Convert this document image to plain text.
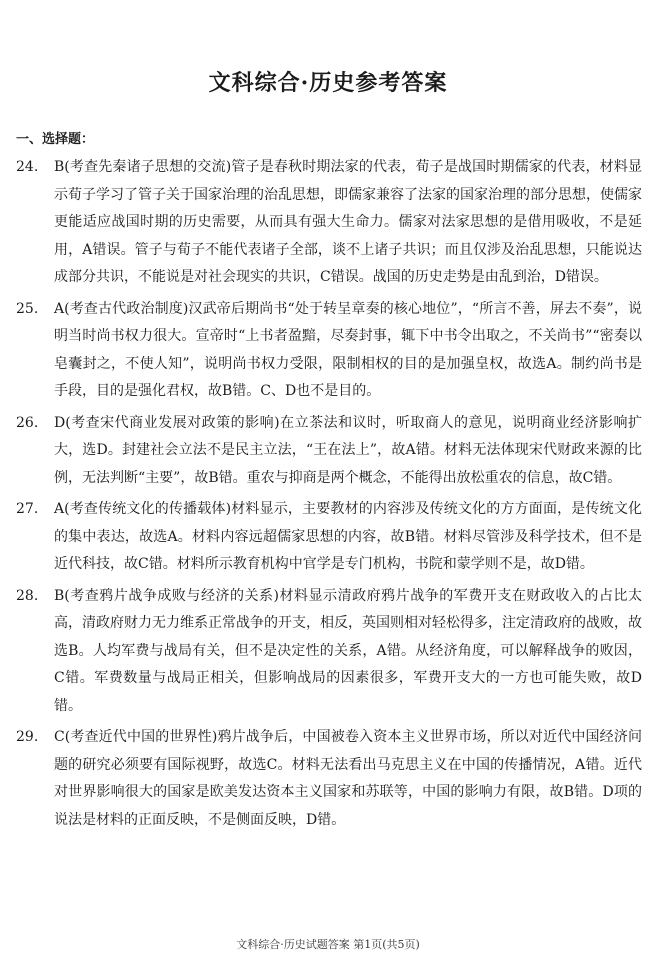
文科综合·历史参考答案
一、选择题：
24.	B(考查先秦诸子思想的交流)管子是春秋时期法家的代表，荀子是战国时期儒家的代表，材料显示荀子学习了管子关于国家治理的治乱思想，即儒家兼容了法家的国家治理的部分思想，使儒家更能适应战国时期的历史需要，从而具有强大生命力。儒家对法家思想的是借用吸收，不是延用，A错误。管子与荀子不能代表诸子全部，谈不上诸子共识；而且仅涉及治乱思想，只能说达成部分共识，不能说是对社会现实的共识，C错误。战国的历史走势是由乱到治，D错误。
25.	A(考查古代政治制度)汉武帝后期尚书“处于转呈章奏的核心地位”，“所言不善，屏去不奏”，说明当时尚书权力很大。宣帝时“上书者盈黯，尽奏封事，辄下中书令出取之，不关尚书”“密奏以皂囊封之，不使人知”，说明尚书权力受限，限制相权的目的是加强皇权，故选A。制约尚书是手段，目的是强化君权，故B错。C、D也不是目的。
26.	D(考查宋代商业发展对政策的影响)在立茶法和议时，听取商人的意见，说明商业经济影响扩大，选D。封建社会立法不是民主立法，“王在法上”，故A错。材料无法体现宋代财政来源的比例，无法判断“主要”，故B错。重农与抑商是两个概念，不能得出放松重农的信息，故C错。
27.	A(考查传统文化的传播载体)材料显示，主要教材的内容涉及传统文化的方方面面，是传统文化的集中表达，故选A。材料内容远超儒家思想的内容，故B错。材料尽管涉及科学技术，但不是近代科技，故C错。材料所示教育机构中官学是专门机构，书院和蒙学则不是，故D错。
28.	B(考查鸦片战争成败与经济的关系)材料显示清政府鸦片战争的军费开支在财政收入的占比太高，清政府财力无力维系正常战争的开支，相反，英国则相对轻松得多，注定清政府的战败，故选B。人均军费与战局有关，但不是决定性的关系，A错。从经济角度，可以解释战争的败因，C错。军费数量与战局正相关，但影响战局的因素很多，军费开支大的一方也可能失败，故D错。
29.	C(考查近代中国的世界性)鸦片战争后，中国被卷入资本主义世界市场，所以对近代中国经济问题的研究必须要有国际视野，故选C。材料无法看出马克思主义在中国的传播情况，A错。近代对世界影响很大的国家是欧美发达资本主义国家和苏联等，中国的影响力有限，故B错。D项的说法是材料的正面反映，不是侧面反映，D错。
文科综合·历史试题答案 第1页(共5页)
